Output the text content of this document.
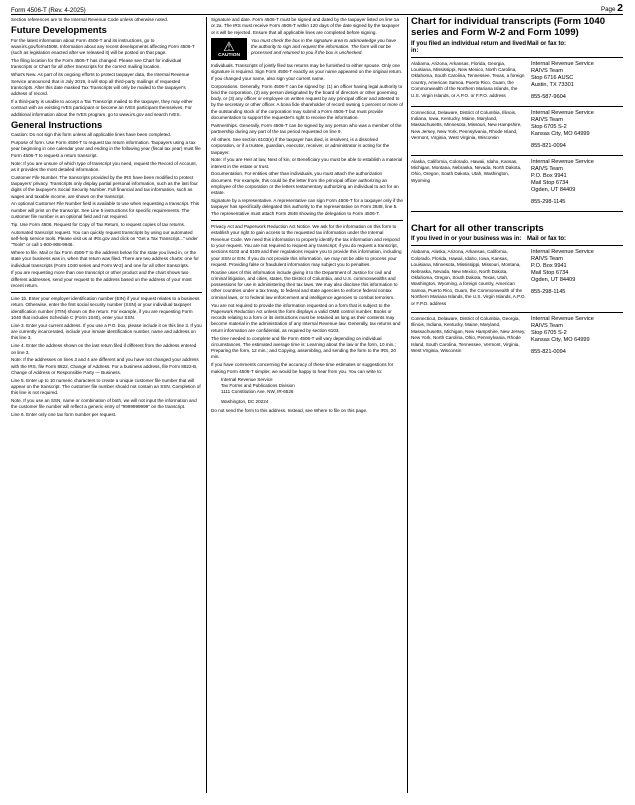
Form 4506-T (Rev. 4-2025)	Page 2

Section references are to the Internal Revenue Code unless otherwise noted.

Future Developments

For the latest information about Form 4506-T and its instructions, go to www.irs.gov/form4506t. Information about any recent developments affecting Form 4506-T (such as legislation enacted after we released it) will be posted on that page.

The filing location for the Form 4506-T has changed. Please see Chart for individual transcripts or Chart for all other transcripts for the correct mailing location.

What's New. As part of its ongoing efforts to protect taxpayer data, the Internal Revenue Service announced that in July 2019, it will stop all third-party mailings of requested transcripts. After this date masked Tax Transcripts will only be mailed to the taxpayer's address of record.

If a third-party is unable to accept a Tax Transcript mailed to the taxpayer, they may either contract with an existing IVES participant or become an IVES participant themselves. For additional information about the IVES program, go to www.irs.gov and search IVES.

General Instructions

Caution: Do not sign this form unless all applicable lines have been completed.

Purpose of form. Use Form 4506-T to request tax return information. Taxpayers using a tax year beginning in one calendar year and ending in the following year (fiscal tax year) must file Form 4506-T to request a return transcript.

Note: If you are unsure of which type of transcript you need, request the Record of Account, as it provides the most detailed information.

Customer File Number. The transcripts provided by the IRS have been modified to protect taxpayers' privacy. Transcripts only display partial personal information, such as the last four digits of the taxpayer's Social Security Number. Full financial and tax information, such as wages and taxable income, are shown on the transcript.

An optional Customer File Number field is available to use when requesting a transcript. This number will print on the transcript. See Line 5 instructions for specific requirements. The customer file number is an optional field and not required.

Tip. Use Form 4506, Request for Copy of Tax Return, to request copies of tax returns.

Automated transcript request. You can quickly request transcripts by using our automated self-help service tools. Please visit us at IRS.gov and click on "Get a Tax Transcript..." under "Tools" or call 1-800-908-9946.

Where to file. Mail or fax Form 4506-T to the address below for the state you lived in, or the state your business was in, when that return was filed. There are two address charts: one for individual transcripts (Form 1040 series and Form W-2) and one for all other transcripts.

If you are requesting more than one transcript or other product and the chart shows two different addresses, send your request to the address based on the address of your most recent return.

Line 1b. Enter your employer identification number (EIN) if your request relates to a business return. Otherwise, enter the first social security number (SSN) or your individual taxpayer identification number (ITIN) shown on the return. For example, if you are requesting Form 1040 that includes Schedule C (Form 1040), enter your SSN.

Line 3. Enter your current address. If you use a P.O. box, please include it on this line 3. If you are currently incarcerated, include your inmate identification number, name and address on this line 3.

Line 4. Enter the address shown on the last return filed if different from the address entered on line 3.

Note: If the addresses on lines 3 and 4 are different and you have not changed your address with the IRS, file Form 8822, Change of Address. For a business address, file Form 8822-B, Change of Address or Responsible Party — Business.

Line 5. Enter up to 10 numeric characters to create a unique customer file number that will appear on the transcript. The customer file number should not contain an SSN. Completion of this line is not required.

Note. If you use an SSN, name or combination of both, we will not input the information and the customer file number will reflect a generic entry of "9999999999" on the transcript.

Line 6. Enter only one tax form number per request.

Signature and date. Form 4506-T must be signed and dated by the taxpayer listed on line 1a or 2a. The IRS must receive Form 4506-T within 120 days of the date signed by the taxpayer or it will be rejected. Ensure that all applicable lines are completed before signing.

⚠
CAUTION

You must check the box in the signature area to acknowledge you have the authority to sign and request the information. The form will not be processed and returned to you if the box is unchecked.

Individuals. Transcripts of jointly filed tax returns may be furnished to either spouse. Only one signature is required. Sign Form 4506-T exactly as your name appeared on the original return. If you changed your name, also sign your current name.

Corporations. Generally, Form 4506-T can be signed by: (1) an officer having legal authority to bind the corporation, (2) any person designated by the board of directors or other governing body, or (3) any officer or employee on written request by any principal officer and attested to by the secretary or other officer. A bona fide shareholder of record owning 1 percent or more of the outstanding stock of the corporation may submit a Form 4506-T but must provide documentation to support the requester's right to receive the information.

Partnerships. Generally, Form 4506-T can be signed by any person who was a member of the partnership during any part of the tax period requested on line 9.

All others. See section 6103(e) if the taxpayer has died, is insolvent, is a dissolved corporation, or if a trustee, guardian, executor, receiver, or administrator is acting for the taxpayer.

Note: If you are Heir at law, Next of kin, or Beneficiary you must be able to establish a material interest in the estate or trust.

Documentation. For entities other than individuals, you must attach the authorization document. For example, this could be the letter from the principal officer authorizing an employee of the corporation or the letters testamentary authorizing an individual to act for an estate.

Signature by a representative. A representative can sign Form 4506-T for a taxpayer only if the taxpayer has specifically delegated this authority to the representative on Form 2848, line 5. The representative must attach Form 2848 showing the delegation to Form 4506-T.

Privacy Act and Paperwork Reduction Act Notice. We ask for the information on this form to establish your right to gain access to the requested tax information under the Internal Revenue Code. We need this information to properly identify the tax information and respond to your request. You are not required to request any transcript; if you do request a transcript, sections 6103 and 6109 and their regulations require you to provide this information, including your SSN or EIN. If you do not provide this information, we may not be able to process your request. Providing false or fraudulent information may subject you to penalties.

Routine uses of this information include giving it to the Department of Justice for civil and criminal litigation, and cities, states, the District of Columbia, and U.S. commonwealths and possessions for use in administering their tax laws. We may also disclose this information to other countries under a tax treaty, to federal and state agencies to enforce federal nontax criminal laws, or to federal law enforcement and intelligence agencies to combat terrorism.

You are not required to provide the information requested on a form that is subject to the Paperwork Reduction Act unless the form displays a valid OMB control number. Books or records relating to a form or its instructions must be retained as long as their contents may become material in the administration of any Internal Revenue law. Generally, tax returns and return information are confidential, as required by section 6103.

The time needed to complete and file Form 4506-T will vary depending on individual circumstances. The estimated average time is: Learning about the law or the form, 10 min.; Preparing the form, 12 min.; and Copying, assembling, and sending the form to the IRS, 20 min.

If you have comments concerning the accuracy of these time estimates or suggestions for making Form 4506-T simpler, we would be happy to hear from you. You can write to:

Internal Revenue Service
Tax Forms and Publications Division
1111 Constitution Ave. NW, IR-6526
Washington, DC 20224

Do not send the form to this address. Instead, see Where to file on this page.

Chart for individual transcripts (Form 1040 series and Form W-2 and Form 1099)
If you filed an individual return and lived in:
Mail or fax to:
Alabama, Arizona, Arkansas, Florida, Georgia, Louisiana, Mississippi, New Mexico, North Carolina, Oklahoma, South Carolina, Tennessee, Texas, a foreign country, American Samoa, Puerto Rico, Guam, the Commonwealth of the Northern Mariana Islands, the U.S. Virgin Islands, or A.P.O. or F.P.O. address
Internal Revenue Service
RAIVS Team
Stop 6716 AUSC
Austin, TX 73301
855-587-9604
Connecticut, Delaware, District of Columbia, Illinois, Indiana, Iowa, Kentucky, Maine, Maryland, Massachusetts, Minnesota, Missouri, New Hampshire, New Jersey, New York, Pennsylvania, Rhode Island, Vermont, Virginia, West Virginia, Wisconsin
Internal Revenue Service
RAIVS Team
Stop 6705 S-2
Kansas City, MO 64999
855-821-0094
Alaska, California, Colorado, Hawaii, Idaho, Kansas, Michigan, Montana, Nebraska, Nevada, North Dakota, Ohio, Oregon, South Dakota, Utah, Washington, Wyoming
Internal Revenue Service
RAIVS Team
P.O. Box 9941
Mail Stop 6734
Ogden, UT 84409
855-298-1145
Chart for all other transcripts
If you lived in or your business was in: Mail or fax to:
Alabama, Alaska, Arizona, Arkansas, California, Colorado, Florida, Hawaii, Idaho, Iowa, Kansas, Louisiana, Minnesota, Mississippi, Missouri, Montana, Nebraska, Nevada, New Mexico, North Dakota, Oklahoma, Oregon, South Dakota, Texas, Utah, Washington, Wyoming, a foreign country, American Samoa, Puerto Rico, Guam, the Commonwealth of the Northern Mariana Islands, the U.S. Virgin Islands, A.P.O. or F.P.O. address
Internal Revenue Service
RAIVS Team
P.O. Box 9941
Mail Stop 6734
Ogden, UT 84409
855-298-1145
Connecticut, Delaware, District of Columbia, Georgia, Illinois, Indiana, Kentucky, Maine, Maryland, Massachusetts, Michigan, New Hampshire, New Jersey, New York, North Carolina, Ohio, Pennsylvania, Rhode Island, South Carolina, Tennessee, Vermont, Virginia, West Virginia, Wisconsin
Internal Revenue Service
RAIVS Team
Stop 6705 S-2
Kansas City, MO 64999
855-821-0094
